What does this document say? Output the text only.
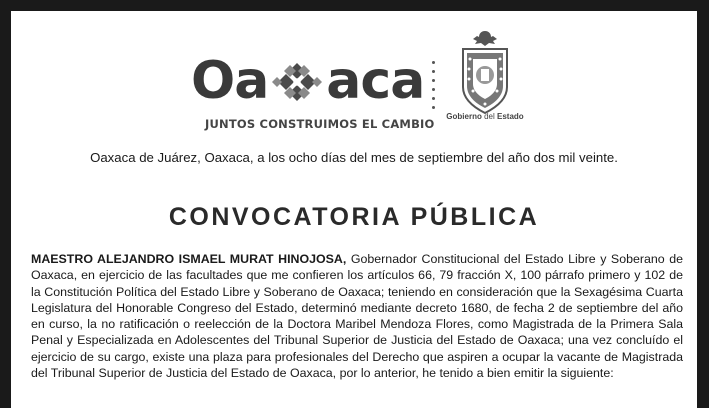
Oa aca
JUNTOS CONSTRUIMOS EL CAMBIO
Gobierno del Estado
Oaxaca de Juárez, Oaxaca, a los ocho días del mes de septiembre del año dos mil veinte.
CONVOCATORIA PÚBLICA

MAESTRO ALEJANDRO ISMAEL MURAT HINOJOSA, Gobernador Constitucional del Estado Libre y Soberano de Oaxaca, en ejercicio de las facultades que me confieren los artículos 66, 79 fracción X, 100 párrafo primero y 102 de la Constitución Política del Estado Libre y Soberano de Oaxaca; teniendo en consideración que la Sexagésima Cuarta Legislatura del Honorable Congreso del Estado, determinó mediante decreto 1680, de fecha 2 de septiembre del año en curso, la no ratificación o reelección de la Doctora Maribel Mendoza Flores, como Magistrada de la Primera Sala Penal y Especializada en Adolescentes del Tribunal Superior de Justicia del Estado de Oaxaca; una vez concluído el ejercicio de su cargo, existe una plaza para profesionales del Derecho que aspiren a ocupar la vacante de Magistrada del Tribunal Superior de Justicia del Estado de Oaxaca, por lo anterior, he tenido a bien emitir la siguiente:
